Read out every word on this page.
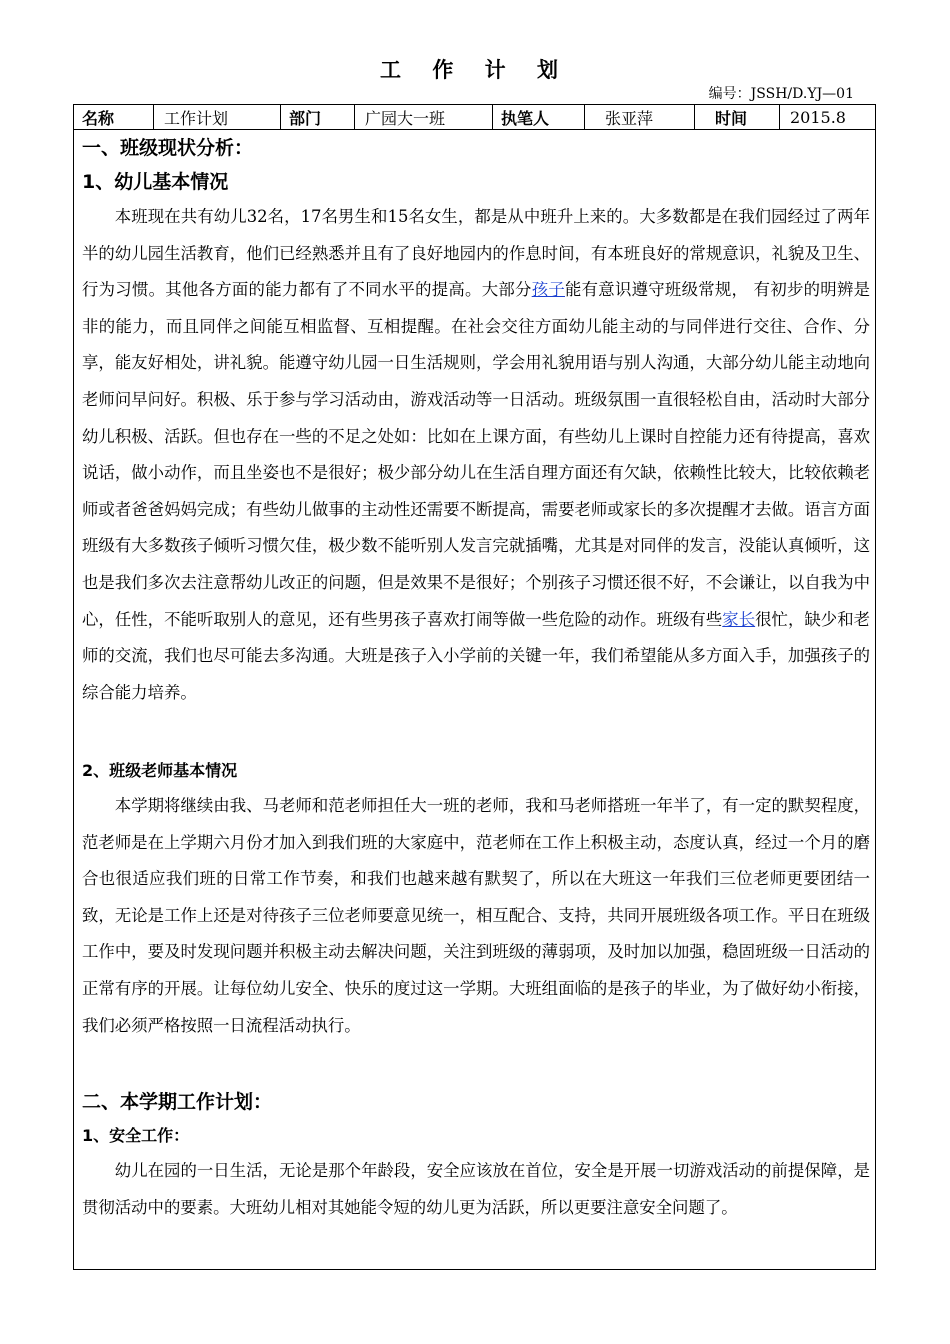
工 作 计 划
编号：JSSH/D.YJ—01
名称	工作计划	部门	广园大一班	执笔人	张亚萍	时间	2015.8
一、班级现状分析：
1、幼儿基本情况
本班现在共有幼儿32名，17名男生和15名女生，都是从中班升上来的。大多数都是在我们园经过了两年半的幼儿园生活教育，他们已经熟悉并且有了良好地园内的作息时间，有本班良好的常规意识，礼貌及卫生、行为习惯。其他各方面的能力都有了不同水平的提高。大部分孩子能有意识遵守班级常规， 有初步的明辨是非的能力，而且同伴之间能互相监督、互相提醒。在社会交往方面幼儿能主动的与同伴进行交往、合作、分享，能友好相处，讲礼貌。能遵守幼儿园一日生活规则，学会用礼貌用语与别人沟通，大部分幼儿能主动地向老师问早问好。积极、乐于参与学习活动由，游戏活动等一日活动。班级氛围一直很轻松自由，活动时大部分幼儿积极、活跃。但也存在一些的不足之处如：比如在上课方面，有些幼儿上课时自控能力还有待提高，喜欢说话，做小动作，而且坐姿也不是很好；极少部分幼儿在生活自理方面还有欠缺，依赖性比较大，比较依赖老师或者爸爸妈妈完成；有些幼儿做事的主动性还需要不断提高，需要老师或家长的多次提醒才去做。语言方面班级有大多数孩子倾听习惯欠佳，极少数不能听别人发言完就插嘴，尤其是对同伴的发言，没能认真倾听，这也是我们多次去注意帮幼儿改正的问题，但是效果不是很好；个别孩子习惯还很不好，不会谦让，以自我为中心，任性，不能听取别人的意见，还有些男孩子喜欢打闹等做一些危险的动作。班级有些家长很忙，缺少和老师的交流，我们也尽可能去多沟通。大班是孩子入小学前的关键一年，我们希望能从多方面入手，加强孩子的综合能力培养。
2、班级老师基本情况
本学期将继续由我、马老师和范老师担任大一班的老师，我和马老师搭班一年半了，有一定的默契程度，范老师是在上学期六月份才加入到我们班的大家庭中，范老师在工作上积极主动，态度认真，经过一个月的磨合也很适应我们班的日常工作节奏，和我们也越来越有默契了，所以在大班这一年我们三位老师更要团结一致，无论是工作上还是对待孩子三位老师要意见统一，相互配合、支持，共同开展班级各项工作。平日在班级工作中，要及时发现问题并积极主动去解决问题，关注到班级的薄弱项，及时加以加强，稳固班级一日活动的正常有序的开展。让每位幼儿安全、快乐的度过这一学期。大班组面临的是孩子的毕业，为了做好幼小衔接，我们必须严格按照一日流程活动执行。
二、本学期工作计划：
1、安全工作：
幼儿在园的一日生活，无论是那个年龄段，安全应该放在首位，安全是开展一切游戏活动的前提保障，是贯彻活动中的要素。大班幼儿相对其她能令短的幼儿更为活跃，所以更要注意安全问题了。
